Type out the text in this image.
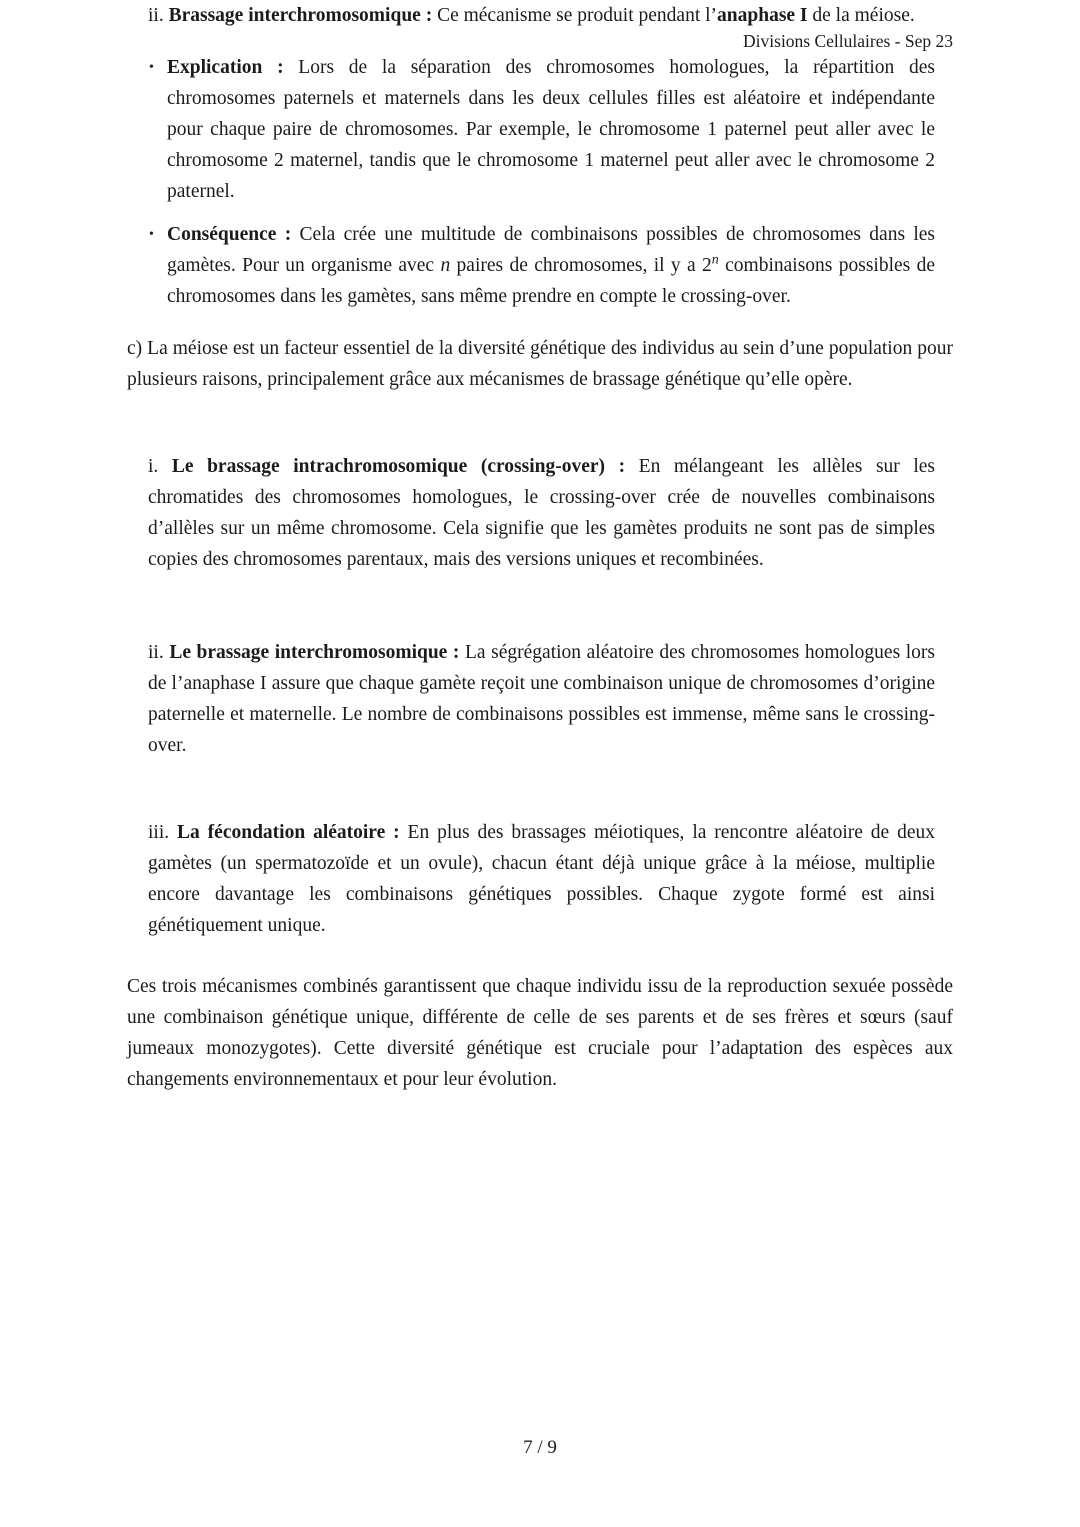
Divisions Cellulaires - Sep 23

ii. Brassage interchromosomique : Ce mécanisme se produit pendant l’anaphase I de la méiose.

• Explication : Lors de la séparation des chromosomes homologues, la répartition des chromosomes paternels et maternels dans les deux cellules filles est aléatoire et indépendante pour chaque paire de chromosomes. Par exemple, le chromosome 1 paternel peut aller avec le chromosome 2 maternel, tandis que le chromosome 1 maternel peut aller avec le chromosome 2 paternel.
• Conséquence : Cela crée une multitude de combinaisons possibles de chromosomes dans les gamètes. Pour un organisme avec n paires de chromosomes, il y a 2$^n$ combinaisons possibles de chromosomes dans les gamètes, sans même prendre en compte le crossing-over.

c) La méiose est un facteur essentiel de la diversité génétique des individus au sein d’une population pour plusieurs raisons, principalement grâce aux mécanismes de brassage génétique qu’elle opère.

i. Le brassage intrachromosomique (crossing-over) : En mélangeant les allèles sur les chromatides des chromosomes homologues, le crossing-over crée de nouvelles combinaisons d’allèles sur un même chromosome. Cela signifie que les gamètes produits ne sont pas de simples copies des chromosomes parentaux, mais des versions uniques et recombinées.

ii. Le brassage interchromosomique : La ségrégation aléatoire des chromosomes homologues lors de l’anaphase I assure que chaque gamète reçoit une combinaison unique de chromosomes d’origine paternelle et maternelle. Le nombre de combinaisons possibles est immense, même sans le crossing-over.

iii. La fécondation aléatoire : En plus des brassages méiotiques, la rencontre aléatoire de deux gamètes (un spermatozoïde et un ovule), chacun étant déjà unique grâce à la méiose, multiplie encore davantage les combinaisons génétiques possibles. Chaque zygote formé est ainsi génétiquement unique.

Ces trois mécanismes combinés garantissent que chaque individu issu de la reproduction sexuée possède une combinaison génétique unique, différente de celle de ses parents et de ses frères et sœurs (sauf jumeaux monozygotes). Cette diversité génétique est cruciale pour l’adaptation des espèces aux changements environnementaux et pour leur évolution.

7 / 9
